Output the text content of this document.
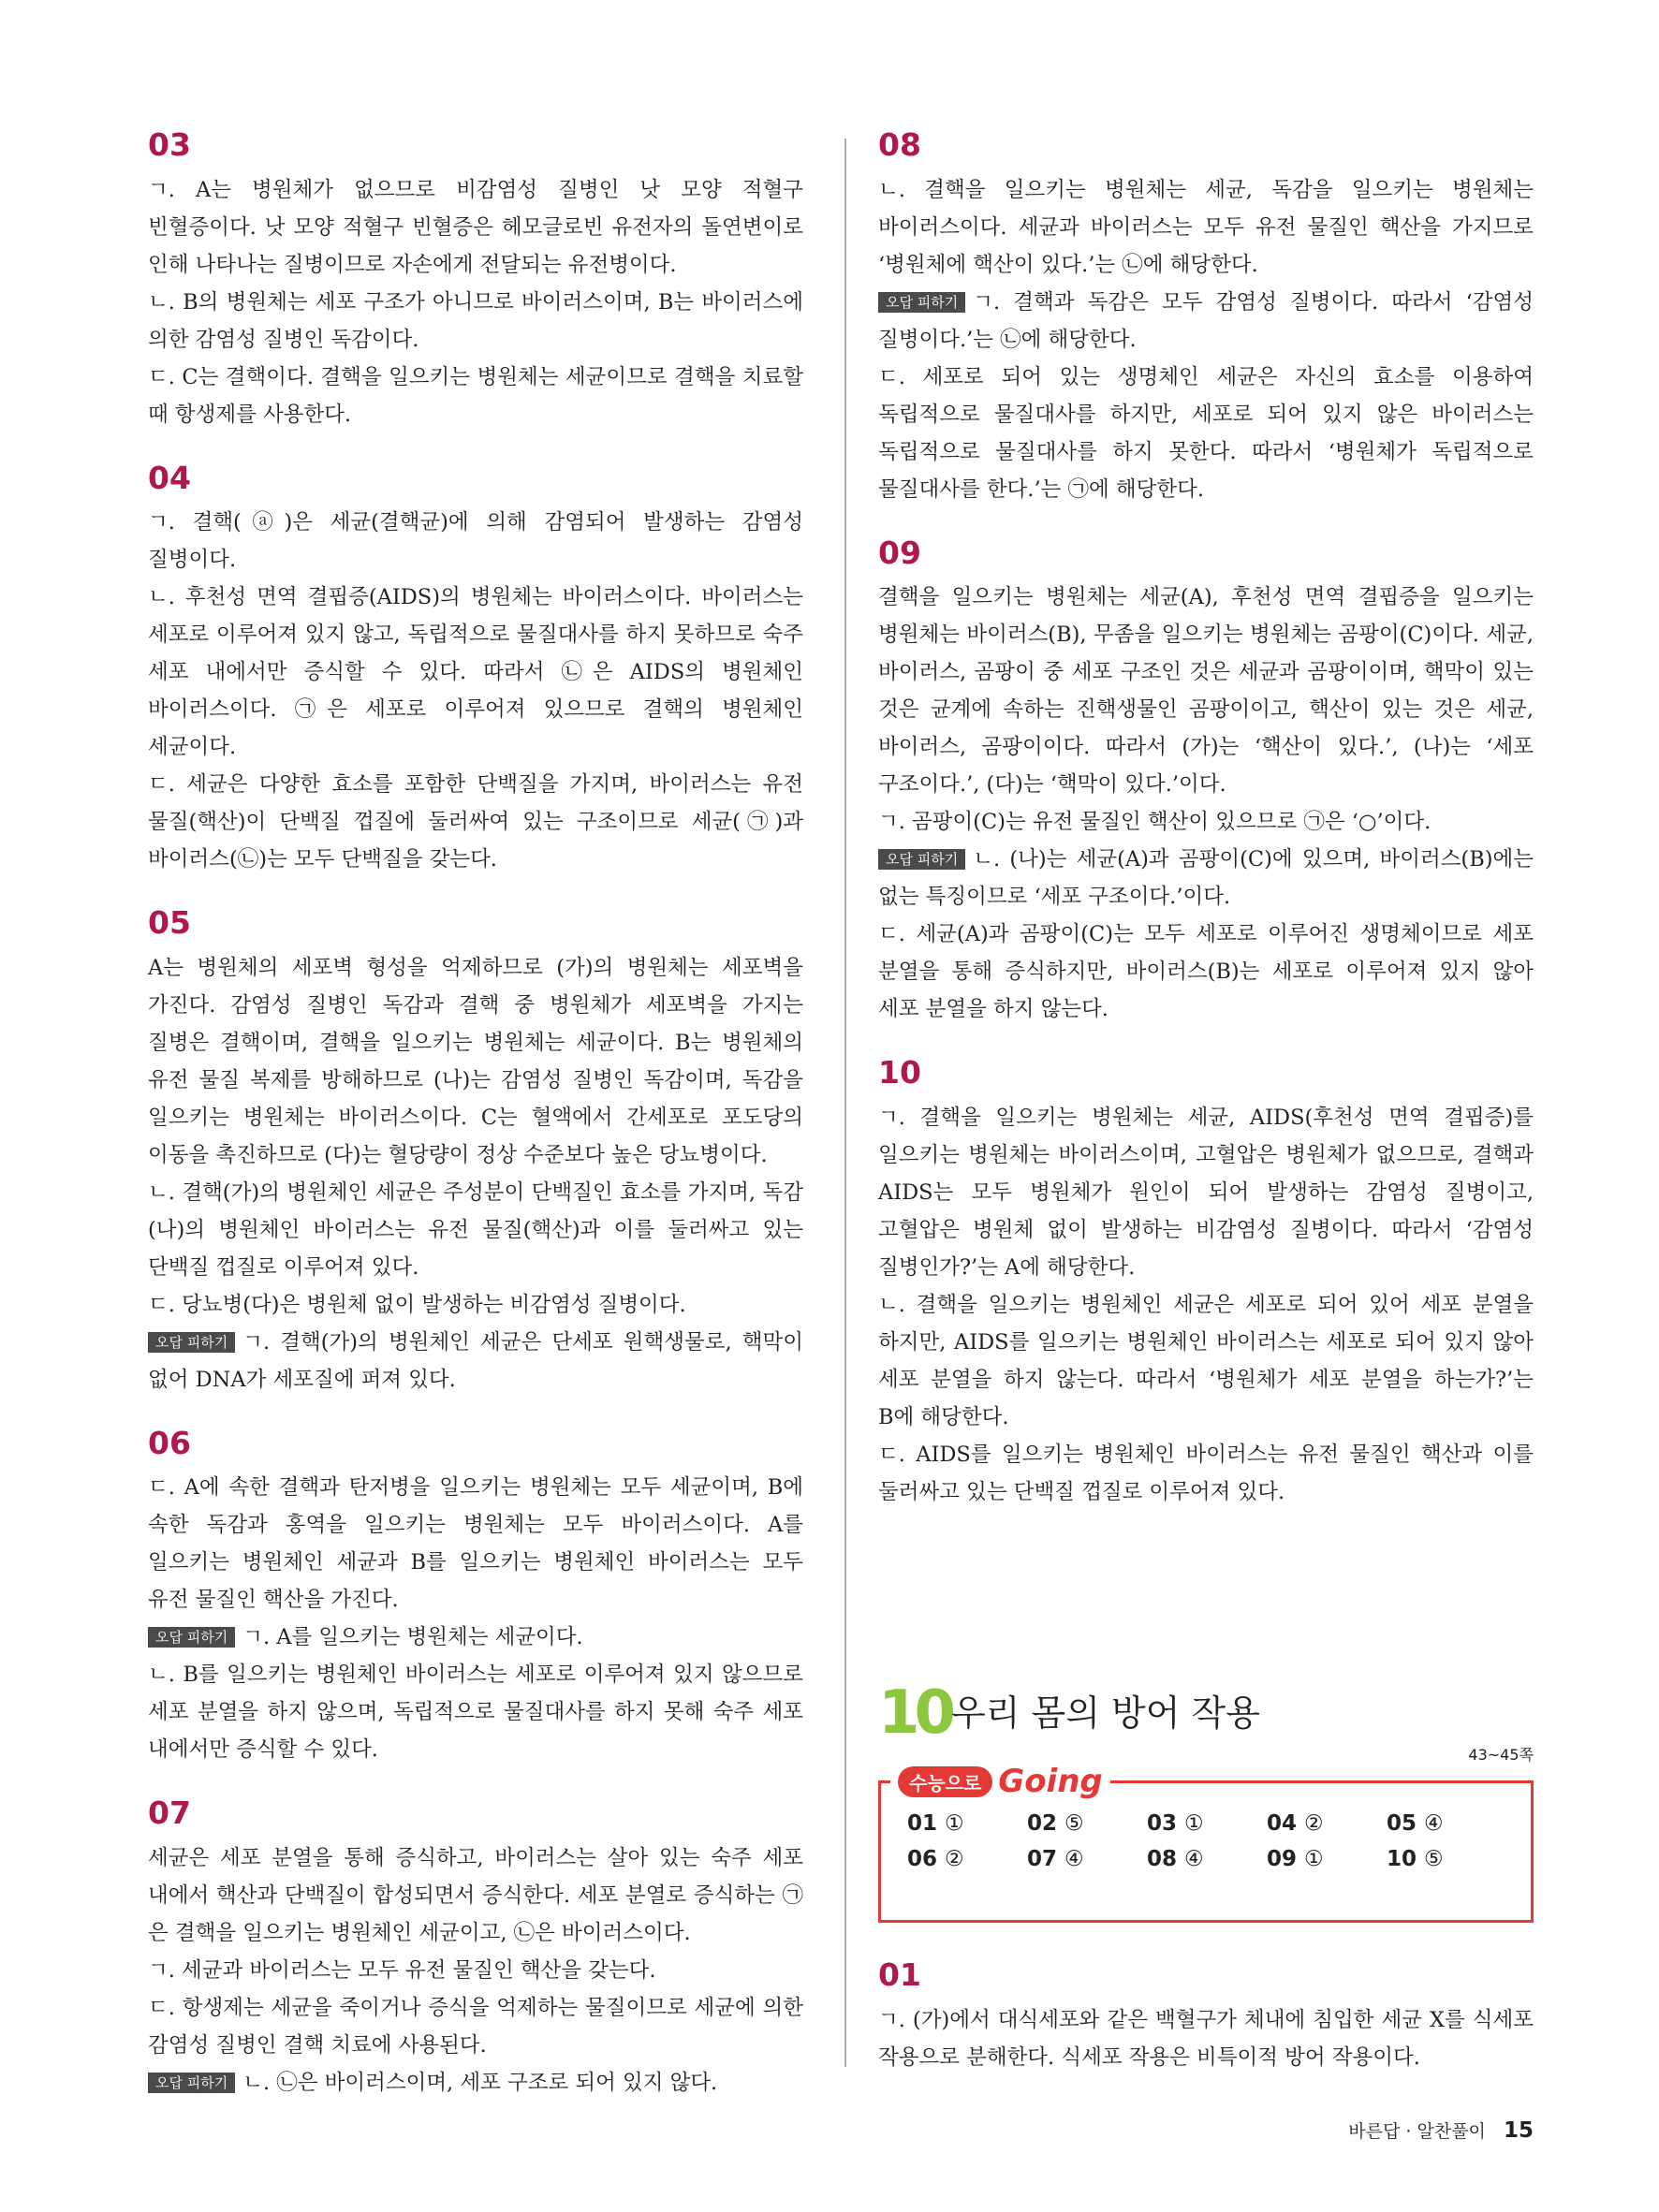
03

ㄱ. A는 병원체가 없으므로 비감염성 질병인 낫 모양 적혈구 빈혈증이다. 낫 모양 적혈구 빈혈증은 헤모글로빈 유전자의 돌연변이로 인해 나타나는 질병이므로 자손에게 전달되는 유전병이다.

ㄴ. B의 병원체는 세포 구조가 아니므로 바이러스이며, B는 바이러스에 의한 감염성 질병인 독감이다.

ㄷ. C는 결핵이다. 결핵을 일으키는 병원체는 세균이므로 결핵을 치료할 때 항생제를 사용한다.

04

ㄱ. 결핵(ⓐ)은 세균(결핵균)에 의해 감염되어 발생하는 감염성 질병이다.

ㄴ. 후천성 면역 결핍증(AIDS)의 병원체는 바이러스이다. 바이러스는 세포로 이루어져 있지 않고, 독립적으로 물질대사를 하지 못하므로 숙주 세포 내에서만 증식할 수 있다. 따라서 ㉡은 AIDS의 병원체인 바이러스이다. ㉠은 세포로 이루어져 있으므로 결핵의 병원체인 세균이다.

ㄷ. 세균은 다양한 효소를 포함한 단백질을 가지며, 바이러스는 유전 물질(핵산)이 단백질 껍질에 둘러싸여 있는 구조이므로 세균(㉠)과 바이러스(㉡)는 모두 단백질을 갖는다.

05

A는 병원체의 세포벽 형성을 억제하므로 (가)의 병원체는 세포벽을 가진다. 감염성 질병인 독감과 결핵 중 병원체가 세포벽을 가지는 질병은 결핵이며, 결핵을 일으키는 병원체는 세균이다. B는 병원체의 유전 물질 복제를 방해하므로 (나)는 감염성 질병인 독감이며, 독감을 일으키는 병원체는 바이러스이다. C는 혈액에서 간세포로 포도당의 이동을 촉진하므로 (다)는 혈당량이 정상 수준보다 높은 당뇨병이다.

ㄴ. 결핵(가)의 병원체인 세균은 주성분이 단백질인 효소를 가지며, 독감(나)의 병원체인 바이러스는 유전 물질(핵산)과 이를 둘러싸고 있는 단백질 껍질로 이루어져 있다.

ㄷ. 당뇨병(다)은 병원체 없이 발생하는 비감염성 질병이다.

오답 피하기 ㄱ. 결핵(가)의 병원체인 세균은 단세포 원핵생물로, 핵막이 없어 DNA가 세포질에 퍼져 있다.

06

ㄷ. A에 속한 결핵과 탄저병을 일으키는 병원체는 모두 세균이며, B에 속한 독감과 홍역을 일으키는 병원체는 모두 바이러스이다. A를 일으키는 병원체인 세균과 B를 일으키는 병원체인 바이러스는 모두 유전 물질인 핵산을 가진다.

오답 피하기 ㄱ. A를 일으키는 병원체는 세균이다.

ㄴ. B를 일으키는 병원체인 바이러스는 세포로 이루어져 있지 않으므로 세포 분열을 하지 않으며, 독립적으로 물질대사를 하지 못해 숙주 세포 내에서만 증식할 수 있다.

07

세균은 세포 분열을 통해 증식하고, 바이러스는 살아 있는 숙주 세포 내에서 핵산과 단백질이 합성되면서 증식한다. 세포 분열로 증식하는 ㉠은 결핵을 일으키는 병원체인 세균이고, ㉡은 바이러스이다.

ㄱ. 세균과 바이러스는 모두 유전 물질인 핵산을 갖는다.

ㄷ. 항생제는 세균을 죽이거나 증식을 억제하는 물질이므로 세균에 의한 감염성 질병인 결핵 치료에 사용된다.

오답 피하기 ㄴ. ㉡은 바이러스이며, 세포 구조로 되어 있지 않다.

08

ㄴ. 결핵을 일으키는 병원체는 세균, 독감을 일으키는 병원체는 바이러스이다. 세균과 바이러스는 모두 유전 물질인 핵산을 가지므로 ‘병원체에 핵산이 있다.’는 ㉡에 해당한다.

오답 피하기 ㄱ. 결핵과 독감은 모두 감염성 질병이다. 따라서 ‘감염성 질병이다.’는 ㉡에 해당한다.

ㄷ. 세포로 되어 있는 생명체인 세균은 자신의 효소를 이용하여 독립적으로 물질대사를 하지만, 세포로 되어 있지 않은 바이러스는 독립적으로 물질대사를 하지 못한다. 따라서 ‘병원체가 독립적으로 물질대사를 한다.’는 ㉠에 해당한다.

09

결핵을 일으키는 병원체는 세균(A), 후천성 면역 결핍증을 일으키는 병원체는 바이러스(B), 무좀을 일으키는 병원체는 곰팡이(C)이다. 세균, 바이러스, 곰팡이 중 세포 구조인 것은 세균과 곰팡이이며, 핵막이 있는 것은 균계에 속하는 진핵생물인 곰팡이이고, 핵산이 있는 것은 세균, 바이러스, 곰팡이이다. 따라서 (가)는 ‘핵산이 있다.’, (나)는 ‘세포 구조이다.’, (다)는 ‘핵막이 있다.’이다.

ㄱ. 곰팡이(C)는 유전 물질인 핵산이 있으므로 ㉠은 ‘○’이다.

오답 피하기 ㄴ. (나)는 세균(A)과 곰팡이(C)에 있으며, 바이러스(B)에는 없는 특징이므로 ‘세포 구조이다.’이다.

ㄷ. 세균(A)과 곰팡이(C)는 모두 세포로 이루어진 생명체이므로 세포 분열을 통해 증식하지만, 바이러스(B)는 세포로 이루어져 있지 않아 세포 분열을 하지 않는다.

10

ㄱ. 결핵을 일으키는 병원체는 세균, AIDS(후천성 면역 결핍증)를 일으키는 병원체는 바이러스이며, 고혈압은 병원체가 없으므로, 결핵과 AIDS는 모두 병원체가 원인이 되어 발생하는 감염성 질병이고, 고혈압은 병원체 없이 발생하는 비감염성 질병이다. 따라서 ‘감염성 질병인가?’는 A에 해당한다.

ㄴ. 결핵을 일으키는 병원체인 세균은 세포로 되어 있어 세포 분열을 하지만, AIDS를 일으키는 병원체인 바이러스는 세포로 되어 있지 않아 세포 분열을 하지 않는다. 따라서 ‘병원체가 세포 분열을 하는가?’는 B에 해당한다.

ㄷ. AIDS를 일으키는 병원체인 바이러스는 유전 물질인 핵산과 이를 둘러싸고 있는 단백질 껍질로 이루어져 있다.

10 우리 몸의 방어 작용
43~45쪽
수능으로 Going
01 ①	02 ⑤	03 ①	04 ②	05 ④
06 ②	07 ④	08 ④	09 ①	10 ⑤
01

ㄱ. (가)에서 대식세포와 같은 백혈구가 체내에 침입한 세균 X를 식세포 작용으로 분해한다. 식세포 작용은 비특이적 방어 작용이다.

바른답 · 알찬풀이 15
